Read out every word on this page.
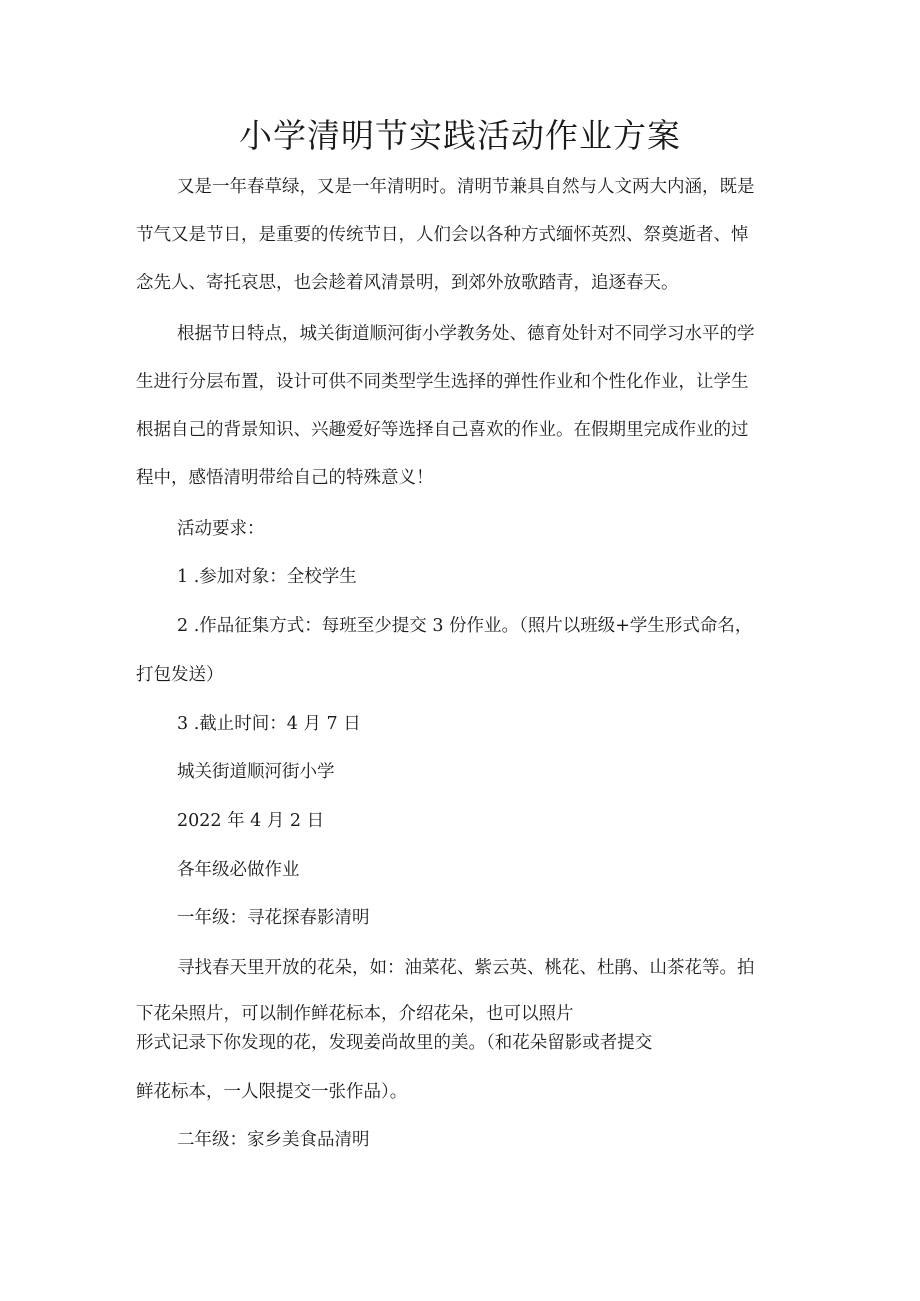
小学清明节实践活动作业方案

又是一年春草绿，又是一年清明时。清明节兼具自然与人文两大内涵，既是

节气又是节日，是重要的传统节日，人们会以各种方式缅怀英烈、祭奠逝者、悼

念先人、寄托哀思，也会趁着风清景明，到郊外放歌踏青，追逐春天。

根据节日特点，城关街道顺河街小学教务处、德育处针对不同学习水平的学

生进行分层布置，设计可供不同类型学生选择的弹性作业和个性化作业，让学生

根据自己的背景知识、兴趣爱好等选择自己喜欢的作业。在假期里完成作业的过

程中，感悟清明带给自己的特殊意义！

活动要求：

1 .参加对象：全校学生

2 .作品征集方式：每班至少提交 3 份作业。（照片以班级+学生形式命名，

打包发送）

3 .截止时间：4 月 7 日

城关街道顺河街小学

2022 年 4 月 2 日

各年级必做作业

一年级：寻花探春影清明

寻找春天里开放的花朵，如：油菜花、紫云英、桃花、杜鹃、山茶花等。拍

下花朵照片，可以制作鲜花标本，介绍花朵，也可以照片

形式记录下你发现的花，发现姜尚故里的美。（和花朵留影或者提交

鲜花标本，一人限提交一张作品）。

二年级：家乡美食品清明
